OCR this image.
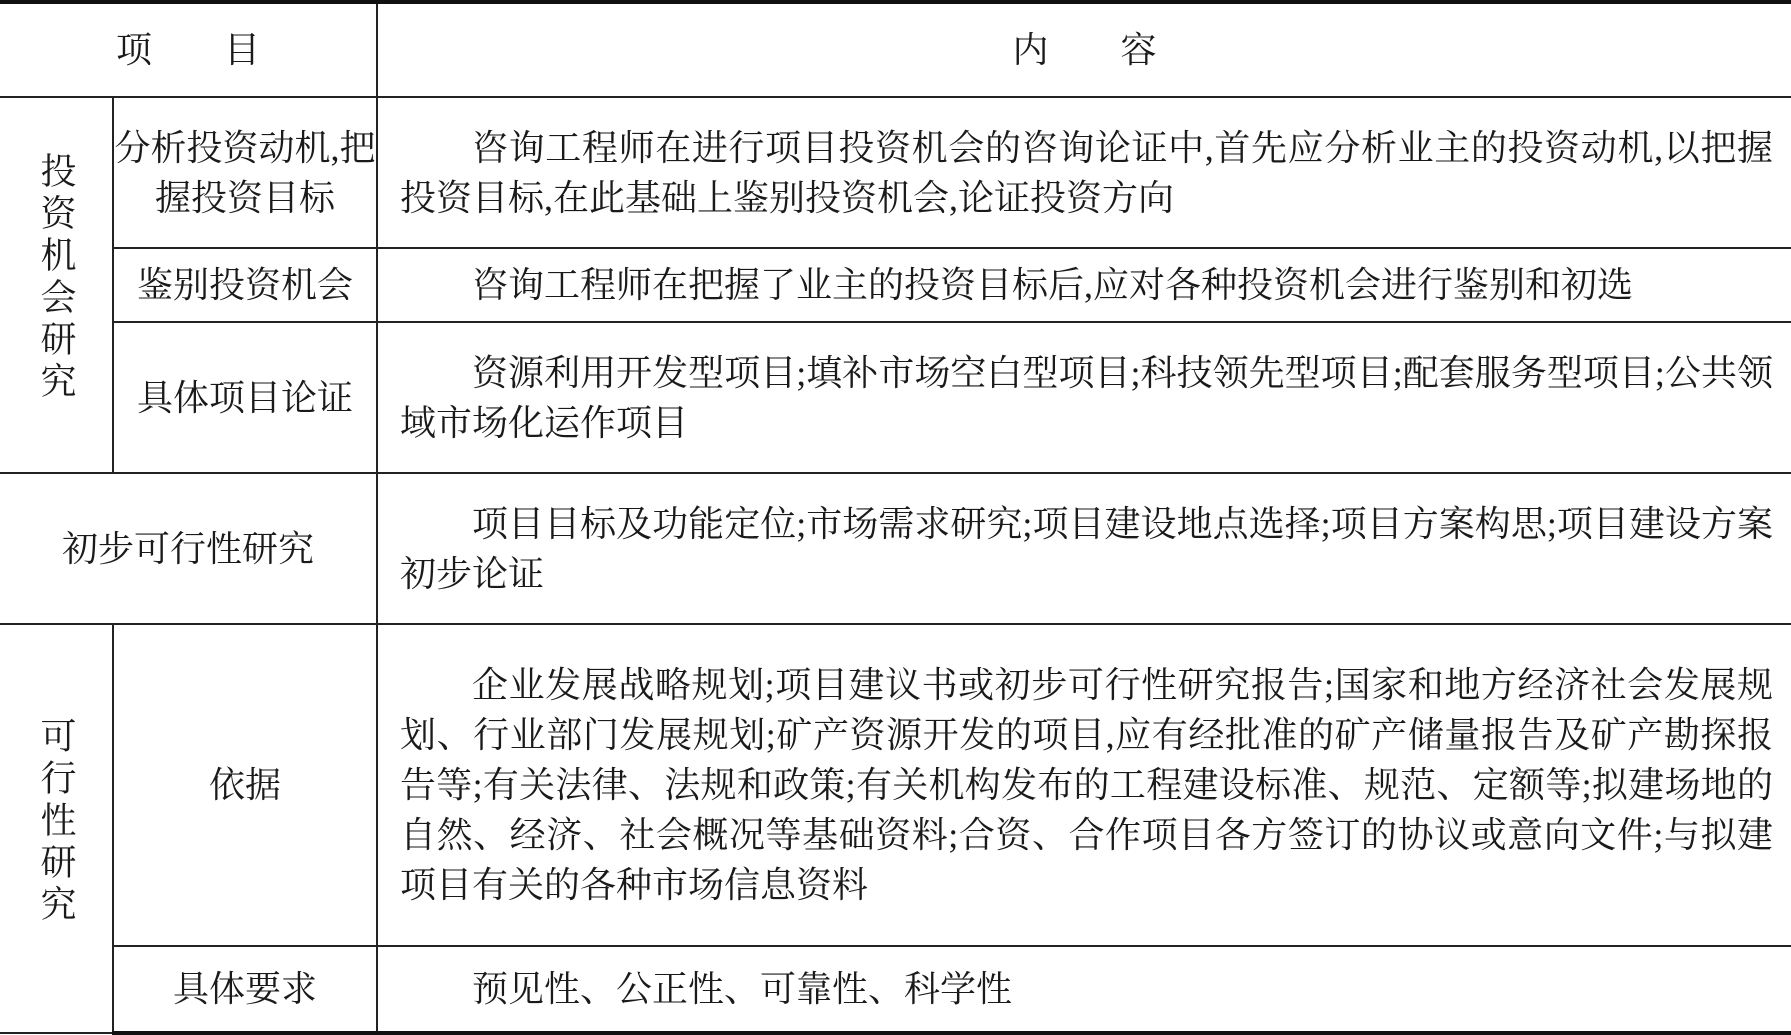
项　　目		内　　容
投资机会研究	分析投资动机,把握投资目标	咨询工程师在进行项目投资机会的咨询论证中,首先应分析业主的投资动机,以把握投资目标,在此基础上鉴别投资机会,论证投资方向
	鉴别投资机会	咨询工程师在把握了业主的投资目标后,应对各种投资机会进行鉴别和初选
	具体项目论证	资源利用开发型项目;填补市场空白型项目;科技领先型项目;配套服务型项目;公共领域市场化运作项目
初步可行性研究		项目目标及功能定位;市场需求研究;项目建设地点选择;项目方案构思;项目建设方案初步论证
可行性研究	依据	企业发展战略规划;项目建议书或初步可行性研究报告;国家和地方经济社会发展规划、行业部门发展规划;矿产资源开发的项目,应有经批准的矿产储量报告及矿产勘探报告等;有关法律、法规和政策;有关机构发布的工程建设标准、规范、定额等;拟建场地的自然、经济、社会概况等基础资料;合资、合作项目各方签订的协议或意向文件;与拟建项目有关的各种市场信息资料
	具体要求	预见性、公正性、可靠性、科学性
